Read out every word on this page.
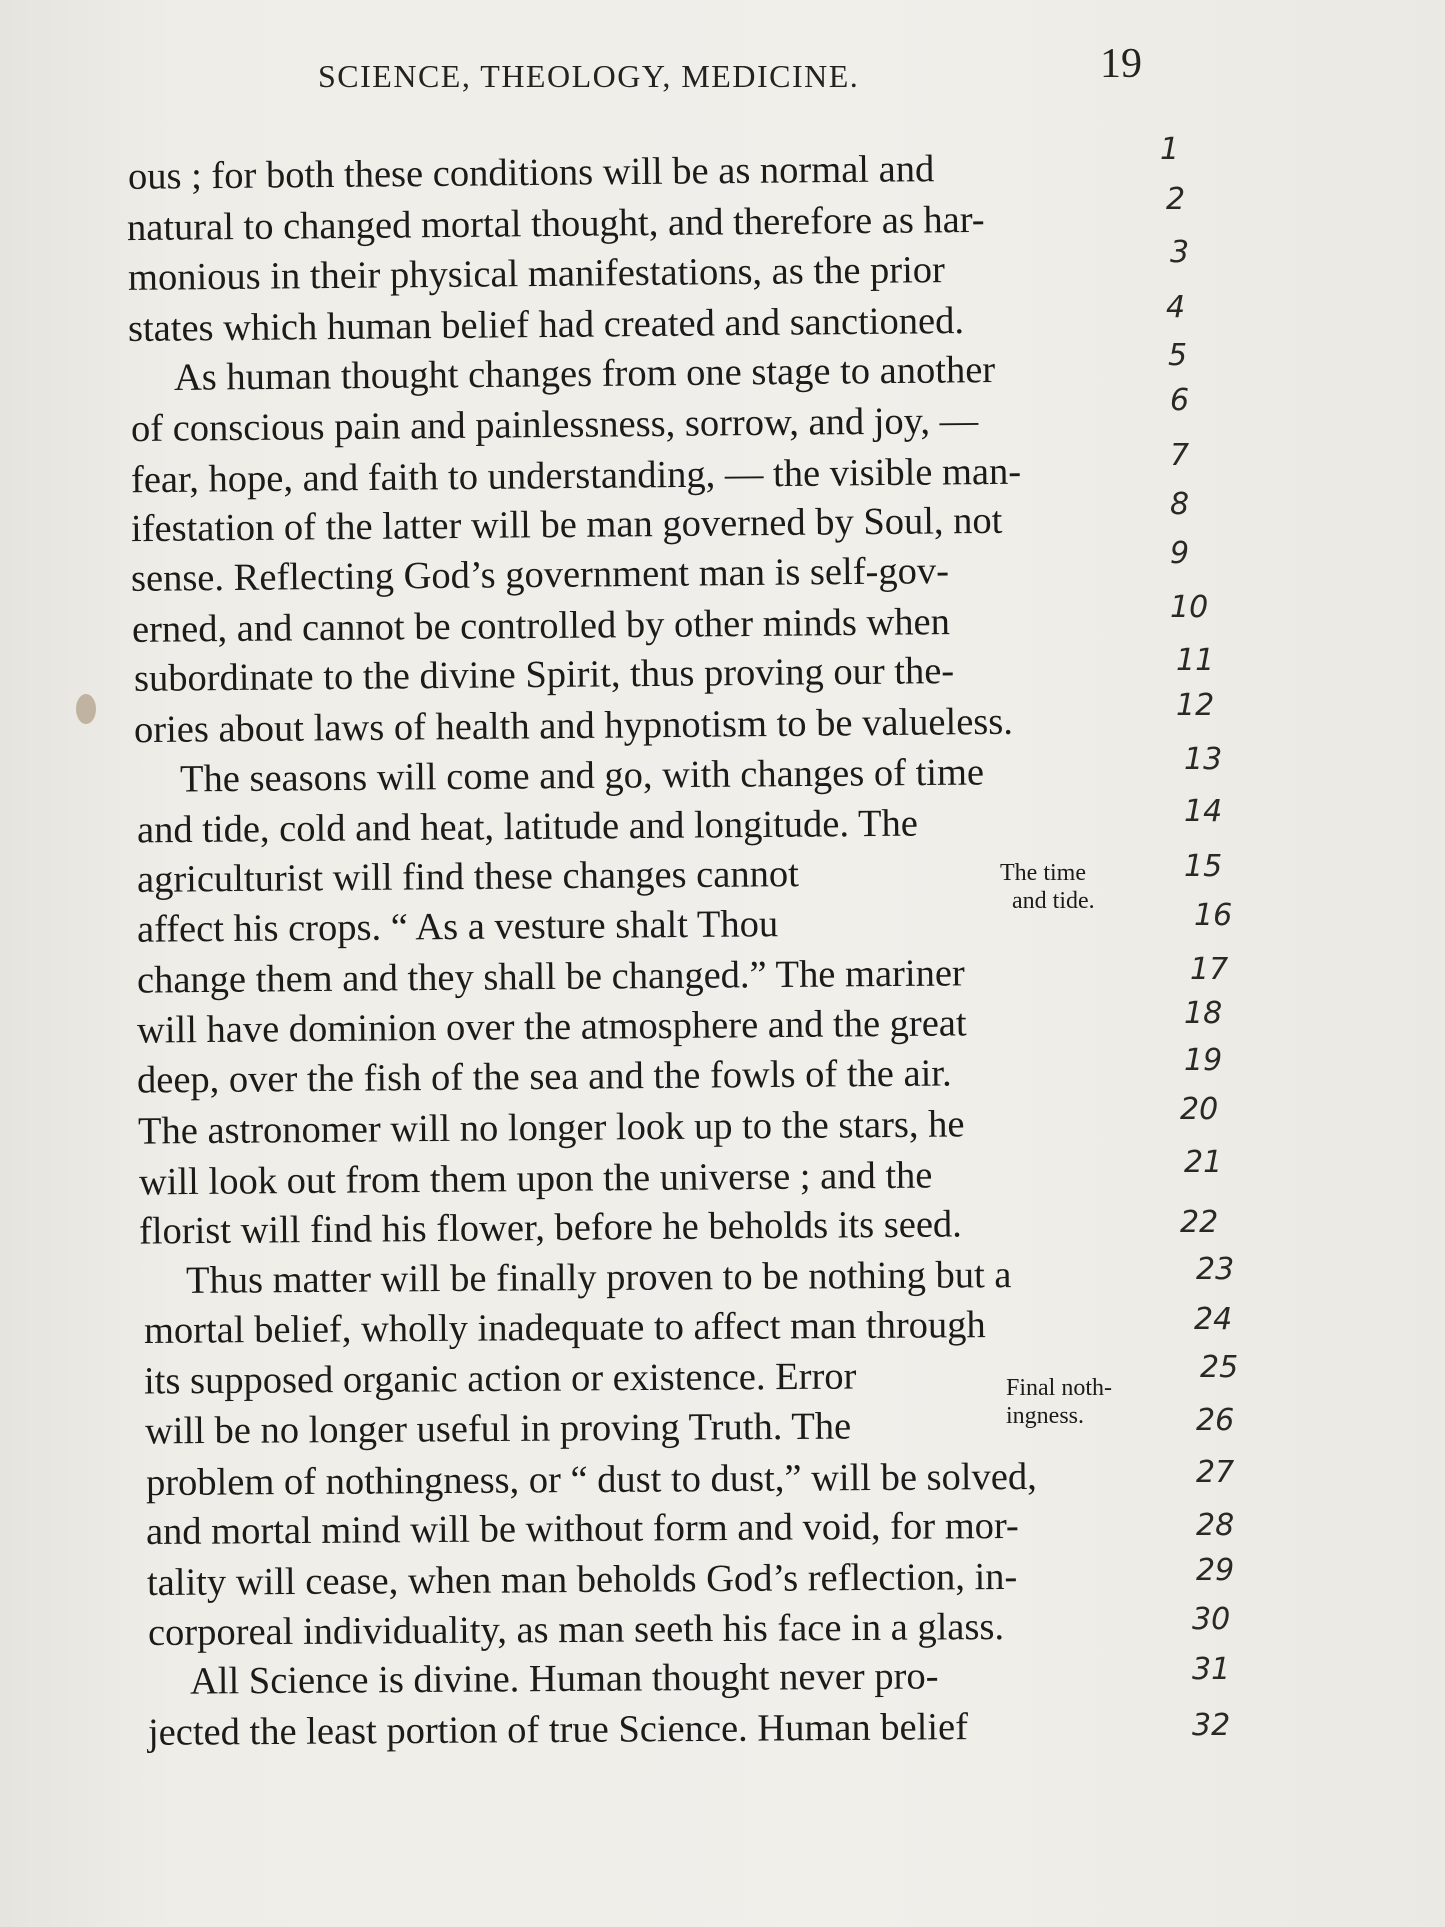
SCIENCE, THEOLOGY, MEDICINE.	19
ous ; for both these conditions will be as normal and
natural to changed mortal thought, and therefore as har-
monious in their physical manifestations, as the prior
states which human belief had created and sanctioned.
As human thought changes from one stage to another
of conscious pain and painlessness, sorrow, and joy, —
fear, hope, and faith to understanding, — the visible man-
ifestation of the latter will be man governed by Soul, not
sense. Reflecting God’s government man is self-gov-
erned, and cannot be controlled by other minds when
subordinate to the divine Spirit, thus proving our the-
ories about laws of health and hypnotism to be valueless.
The seasons will come and go, with changes of time
and tide, cold and heat, latitude and longitude. The
agriculturist will find these changes cannot
affect his crops. “ As a vesture shalt Thou
change them and they shall be changed.” The mariner
will have dominion over the atmosphere and the great
deep, over the fish of the sea and the fowls of the air.
The astronomer will no longer look up to the stars, he
will look out from them upon the universe ; and the
florist will find his flower, before he beholds its seed.
Thus matter will be finally proven to be nothing but a
mortal belief, wholly inadequate to affect man through
its supposed organic action or existence. Error
will be no longer useful in proving Truth. The
problem of nothingness, or “ dust to dust,” will be solved,
and mortal mind will be without form and void, for mor-
tality will cease, when man beholds God’s reflection, in-
corporeal individuality, as man seeth his face in a glass.
All Science is divine. Human thought never pro-
jected the least portion of true Science. Human belief
The time
and tide.
Final noth-
ingness.
1
2
3
4
5
6
7
8
9
10
11
12
13
14
15
16
17
18
19
20
21
22
23
24
25
26
27
28
29
30
31
32
